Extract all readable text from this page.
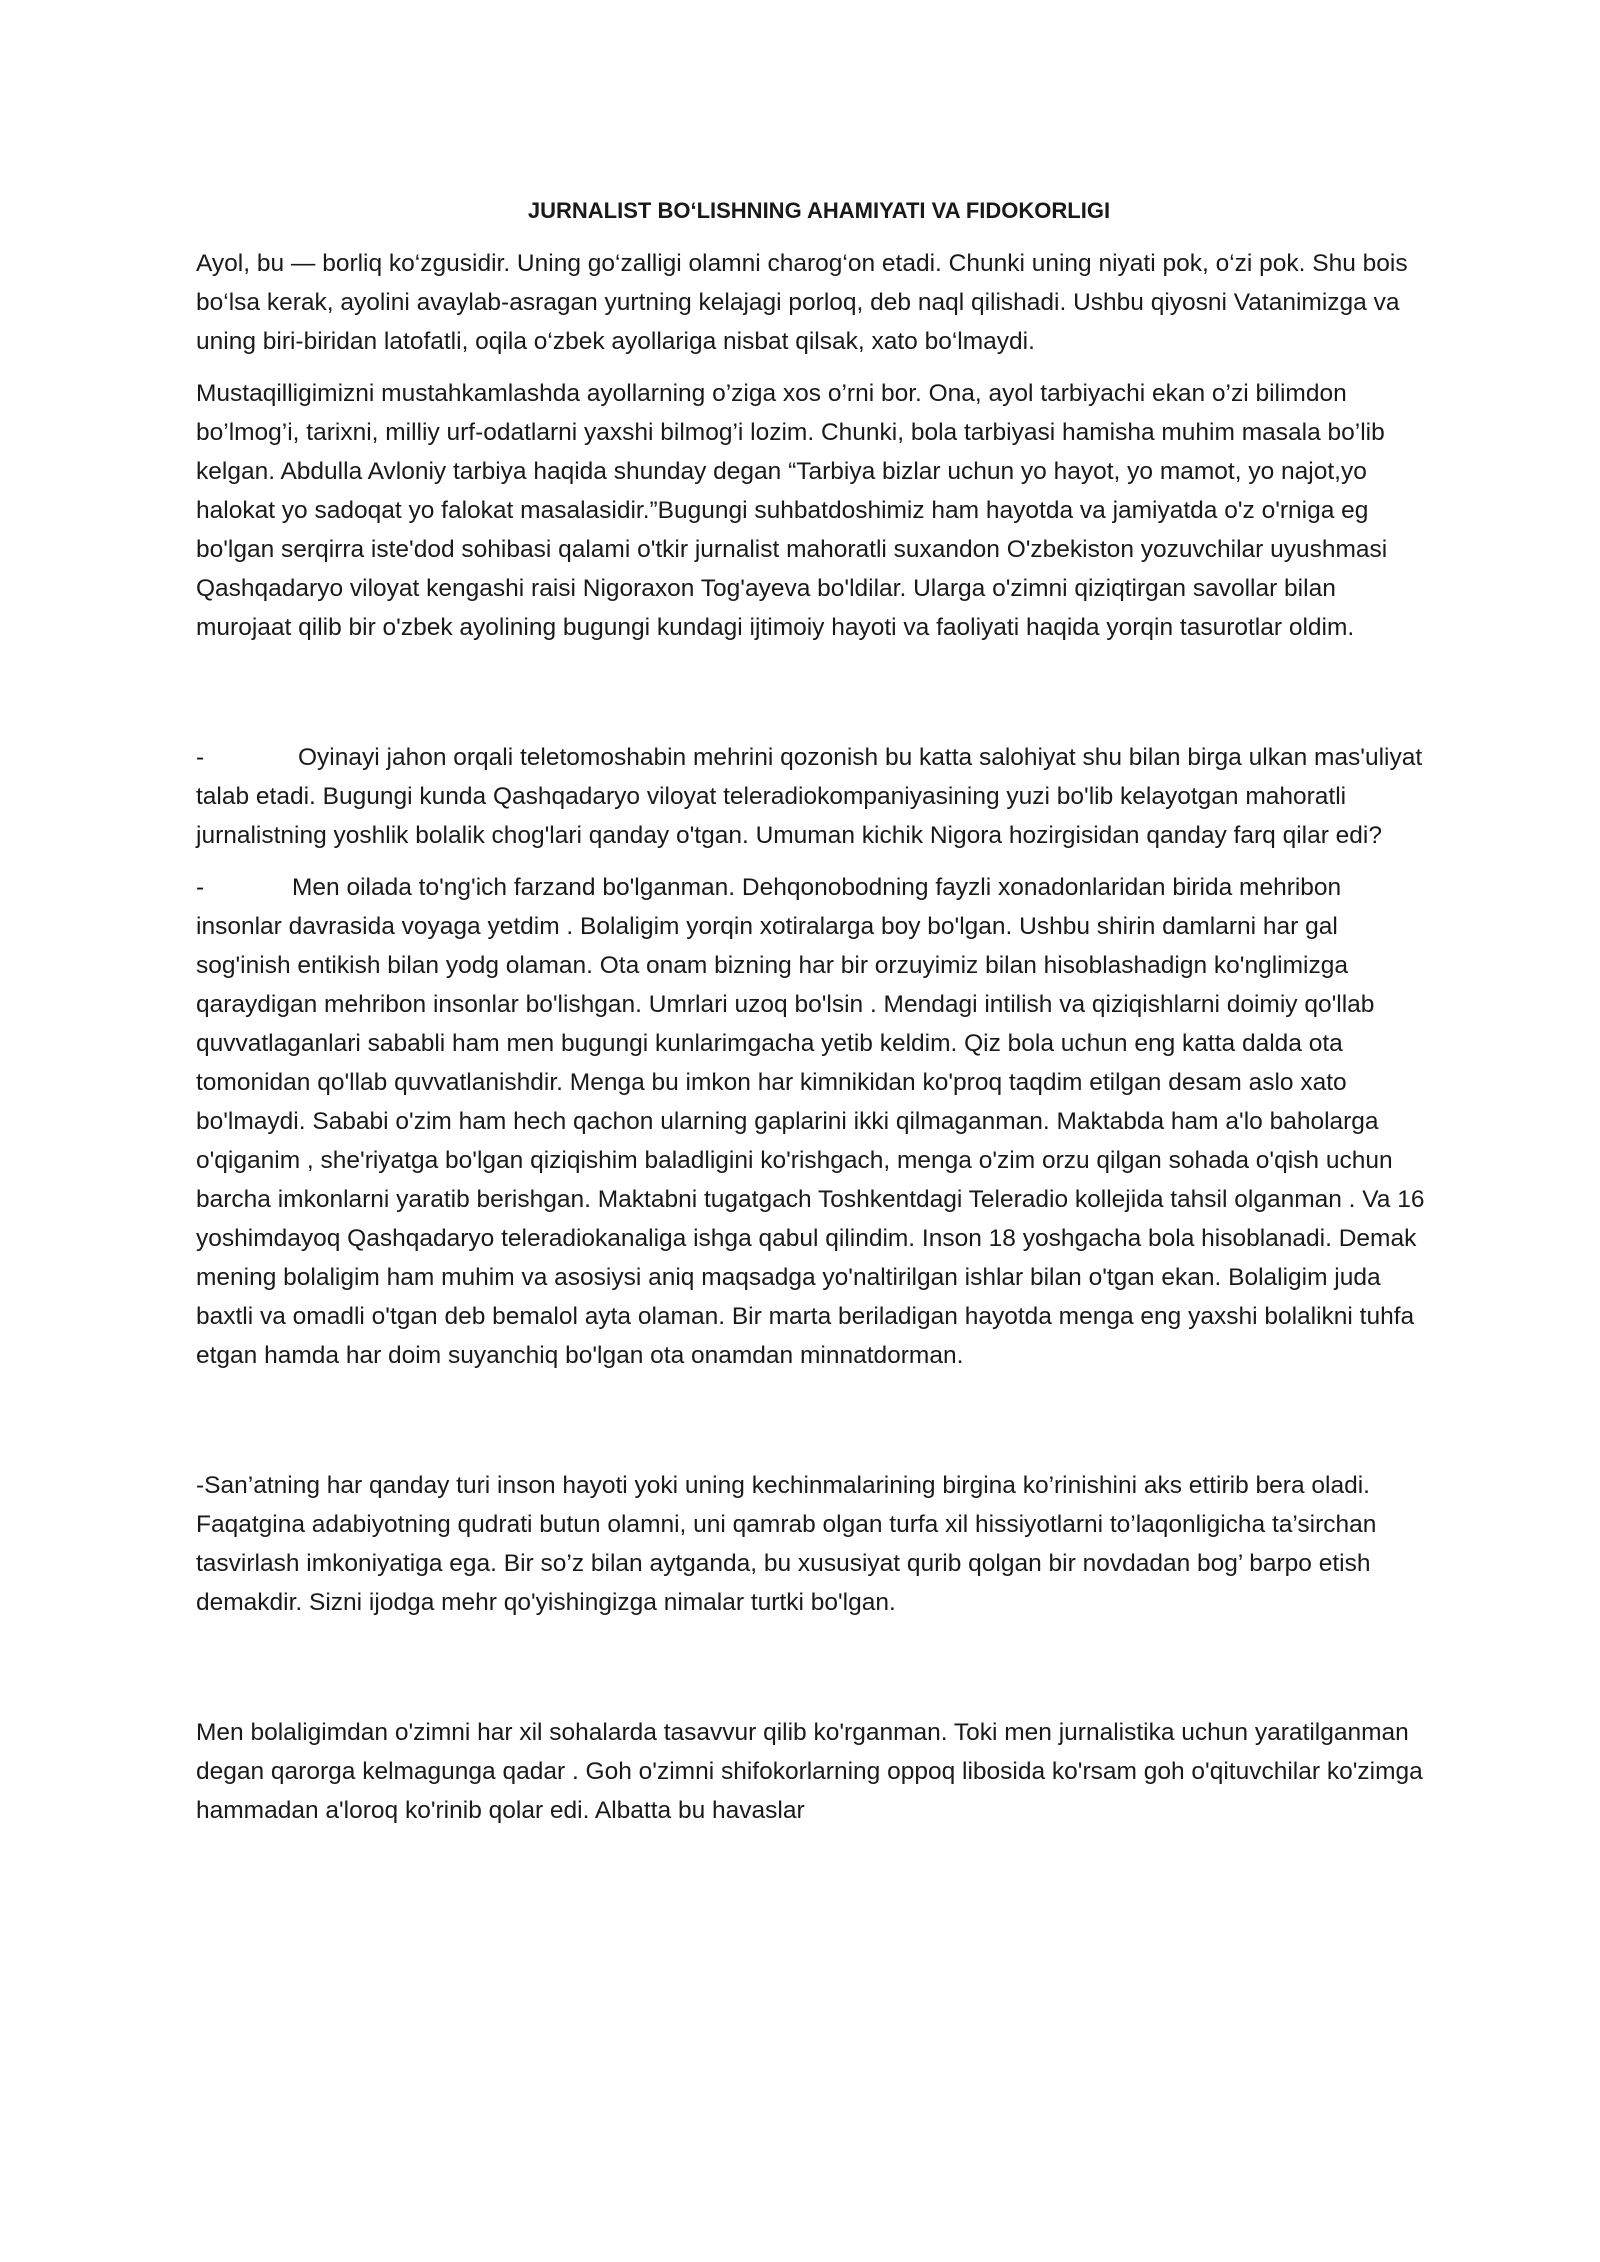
JURNALIST BO‘LISHNING AHAMIYATI VA FIDOKORLIGI

Ayol, bu — borliq ko‘zgusidir. Uning go‘zalligi olamni charog‘on etadi. Chunki uning niyati pok, o‘zi pok. Shu bois bo‘lsa kerak, ayolini avaylab-asragan yurtning kelajagi porloq, deb naql qilishadi. Ushbu qiyosni Vatanimizga va uning biri-biridan latofatli, oqila o‘zbek ayollariga nisbat qilsak, xato bo‘lmaydi.

Mustaqilligimizni mustahkamlashda ayollarning o’ziga xos o’rni bor. Ona, ayol tarbiyachi ekan o’zi bilimdon bo’lmog’i, tarixni, milliy urf-odatlarni yaxshi bilmog’i lozim. Chunki, bola tarbiyasi hamisha muhim masala bo’lib kelgan. Abdulla Avloniy tarbiya haqida shunday degan “Tarbiya bizlar uchun yo hayot, yo mamot, yo najot,yo halokat yo sadoqat yo falokat masalasidir.”Bugungi suhbatdoshimiz ham hayotda va jamiyatda o'z o'rniga eg bo'lgan serqirra iste'dod sohibasi qalami o'tkir jurnalist mahoratli suxandon O'zbekiston yozuvchilar uyushmasi Qashqadaryo viloyat kengashi raisi Nigoraxon Tog'ayeva bo'ldilar. Ularga o'zimni qiziqtirgan savollar bilan murojaat qilib bir o'zbek ayolining bugungi kundagi ijtimoiy hayoti va faoliyati haqida yorqin tasurotlar oldim.

-	Oyinayi jahon orqali teletomoshabin mehrini qozonish bu katta salohiyat shu bilan birga ulkan mas'uliyat talab etadi. Bugungi kunda Qashqadaryo viloyat teleradiokompaniyasining yuzi bo'lib kelayotgan mahoratli jurnalistning yoshlik bolalik chog'lari qanday o'tgan. Umuman kichik Nigora hozirgisidan qanday farq qilar edi?

-	Men oilada to'ng'ich farzand bo'lganman. Dehqonobodning fayzli xonadonlaridan birida mehribon insonlar davrasida voyaga yetdim . Bolaligim yorqin xotiralarga boy bo'lgan. Ushbu shirin damlarni har gal sog'inish entikish bilan yodg olaman. Ota onam bizning har bir orzuyimiz bilan hisoblashadign ko'nglimizga qaraydigan mehribon insonlar bo'lishgan. Umrlari uzoq bo'lsin . Mendagi intilish va qiziqishlarni doimiy qo'llab quvvatlaganlari sababli ham men bugungi kunlarimgacha yetib keldim. Qiz bola uchun eng katta dalda ota tomonidan qo'llab quvvatlanishdir. Menga bu imkon har kimnikidan ko'proq taqdim etilgan desam aslo xato bo'lmaydi. Sababi o'zim ham hech qachon ularning gaplarini ikki qilmaganman. Maktabda ham a'lo baholarga o'qiganim , she'riyatga bo'lgan qiziqishim baladligini ko'rishgach, menga o'zim orzu qilgan sohada o'qish uchun barcha imkonlarni yaratib berishgan. Maktabni tugatgach Toshkentdagi Teleradio kollejida tahsil olganman . Va 16 yoshimdayoq Qashqadaryo teleradiokanaliga ishga qabul qilindim. Inson 18 yoshgacha bola hisoblanadi. Demak mening bolaligim ham muhim va asosiysi aniq maqsadga yo'naltirilgan ishlar bilan o'tgan ekan. Bolaligim juda baxtli va omadli o'tgan deb bemalol ayta olaman. Bir marta beriladigan hayotda menga eng yaxshi bolalikni tuhfa etgan hamda har doim suyanchiq bo'lgan ota onamdan minnatdorman.

-San’atning har qanday turi inson hayoti yoki uning kechinmalarining birgina ko’rinishini aks ettirib bera oladi. Faqatgina adabiyotning qudrati butun olamni, uni qamrab olgan turfa xil hissiyotlarni to’laqonligicha ta’sirchan tasvirlash imkoniyatiga ega. Bir so’z bilan aytganda, bu xususiyat qurib qolgan bir novdadan bog’ barpo etish demakdir. Sizni ijodga mehr qo'yishingizga nimalar turtki bo'lgan.

Men bolaligimdan o'zimni har xil sohalarda tasavvur qilib ko'rganman. Toki men jurnalistika uchun yaratilganman degan qarorga kelmagunga qadar . Goh o'zimni shifokorlarning oppoq libosida ko'rsam goh o'qituvchilar ko'zimga hammadan a'loroq ko'rinib qolar edi. Albatta bu havaslar
